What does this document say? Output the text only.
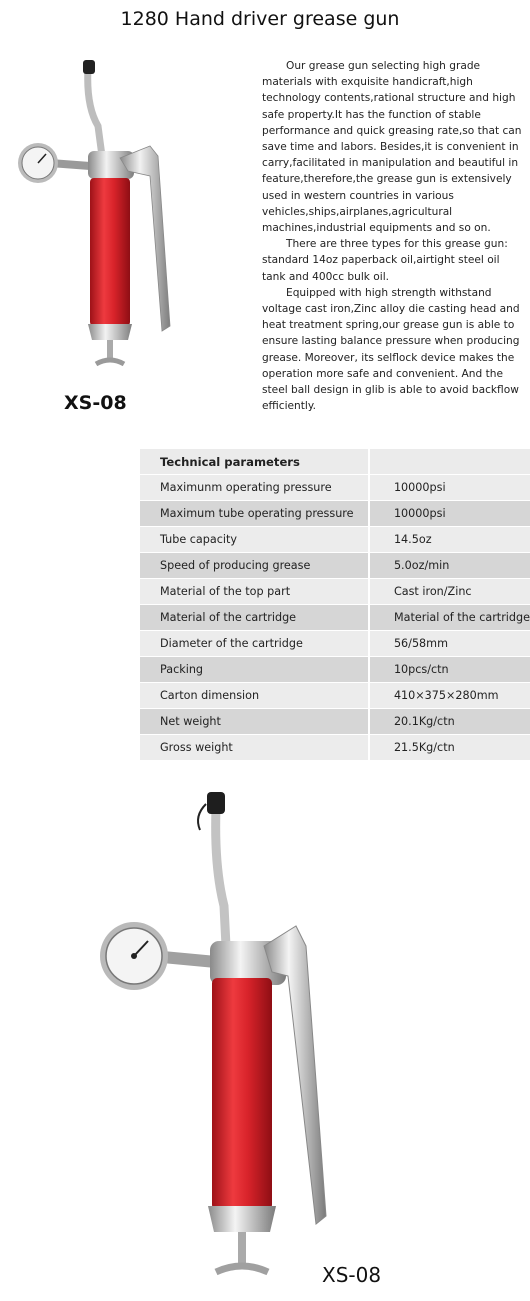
1280 Hand driver grease gun
XS-08

Our grease gun selecting high grade materials with exquisite handicraft,high technology contents,rational structure and high safe property.It has the function of stable performance and quick greasing rate,so that can save time and labors. Besides,it is convenient in carry,facilitated in manipulation and beautiful in feature,therefore,the grease gun is extensively used in western countries in various vehicles,ships,airplanes,agricultural machines,industrial equipments and so on.

There are three types for this grease gun: standard 14oz paperback oil,airtight steel oil tank and 400cc bulk oil.

Equipped with high strength withstand voltage cast iron,Zinc alloy die casting head and heat treatment spring,our grease gun is able to ensure lasting balance pressure when producing grease. Moreover, its selflock device makes the operation more safe and convenient. And the steel ball design in glib is able to avoid backflow efficiently.

Technical parameters	
Maximunm operating pressure	10000psi
Maximum tube operating pressure	10000psi
Tube capacity	14.5oz
Speed of producing grease	5.0oz/min
Material of the top part	Cast iron/Zinc
Material of the cartridge	Material of the cartridge
Diameter of the cartridge	56/58mm
Packing	10pcs/ctn
Carton dimension	410×375×280mm
Net weight	20.1Kg/ctn
Gross weight	21.5Kg/ctn
XS-08
